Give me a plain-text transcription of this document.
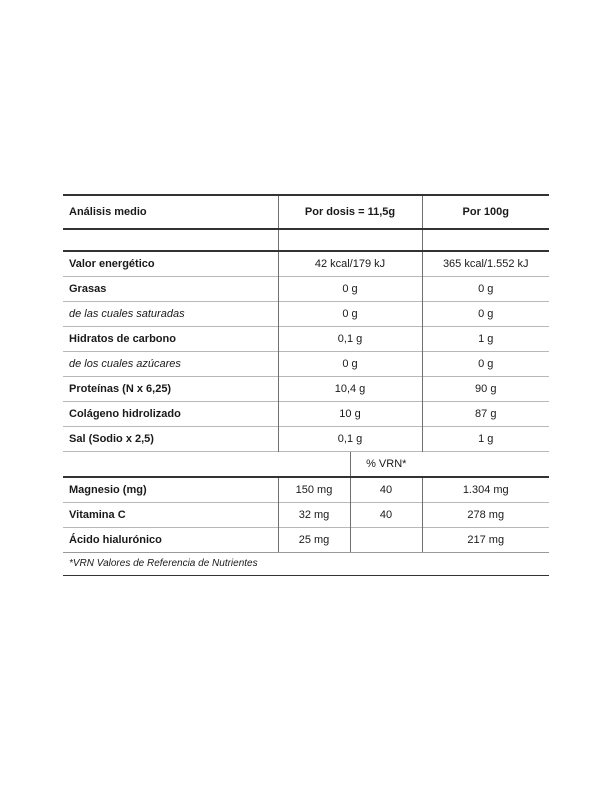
Análisis medio	Por dosis = 11,5g		Por 100g

Valor energético	42 kcal/179 kJ		365 kcal/1.552 kJ
Grasas	0 g		0 g
de las cuales saturadas	0 g		0 g
Hidratos de carbono	0,1 g		1 g
de los cuales azúcares	0 g		0 g
Proteínas (N x 6,25)	10,4 g		90 g
Colágeno hidrolizado	10 g		87 g
Sal (Sodio x 2,5)	0,1 g		1 g
		% VRN*	
Magnesio (mg)	150 mg	40	1.304 mg
Vitamina C	32 mg	40	278 mg
Ácido hialurónico	25 mg		217 mg
*VRN Valores de Referencia de Nutrientes
